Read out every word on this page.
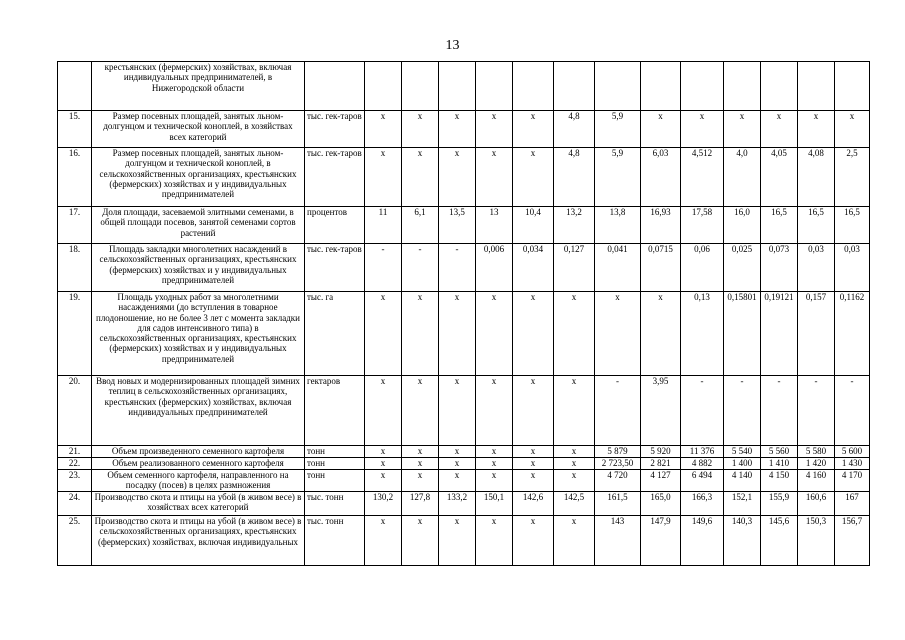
13
	крестьянских (фермерских) хозяйствах, включая индивидуальных предпринимателей, в Нижегородской области														
15.	Размер посевных площадей, занятых льном-долгунцом и технической коноплей, в хозяйствах всех категорий	тыс. гек-таров	х	х	х	х	х	4,8	5,9	х	х	х	х	х	х
16.	Размер посевных площадей, занятых льном-долгунцом и технической коноплей, в сельскохозяйственных организациях, крестьянских (фермерских) хозяйствах и у индивидуальных предпринимателей	тыс. гек-таров	х	х	х	х	х	4,8	5,9	6,03	4,512	4,0	4,05	4,08	2,5
17.	Доля площади, засеваемой элитными семенами, в общей площади посевов, занятой семенами сортов растений	процентов	11	6,1	13,5	13	10,4	13,2	13,8	16,93	17,58	16,0	16,5	16,5	16,5
18.	Площадь закладки многолетних насаждений в сельскохозяйственных организациях, крестьянских (фермерских) хозяйствах и у индивидуальных предпринимателей	тыс. гек-таров	-	-	-	0,006	0,034	0,127	0,041	0,0715	0,06	0,025	0,073	0,03	0,03
19.	Площадь уходных работ за многолетними насаждениями (до вступления в товарное плодоношение, но не более 3 лет с момента закладки для садов интенсивного типа) в сельскохозяйственных организациях, крестьянских (фермерских) хозяйствах и у индивидуальных предпринимателей	тыс. га	х	х	х	х	х	х	х	х	0,13	0,15801	0,19121	0,157	0,1162
20.	Ввод новых и модернизированных площадей зимних теплиц в сельскохозяйственных организациях, крестьянских (фермерских) хозяйствах, включая индивидуальных предпринимателей	гектаров	х	х	х	х	х	х	-	3,95	-	-	-	-	-
21.	Объем произведенного семенного картофеля	тонн	х	х	х	х	х	х	5 879	5 920	11 376	5 540	5 560	5 580	5 600
22.	Объем реализованного семенного картофеля	тонн	х	х	х	х	х	х	2 723,50	2 821	4 882	1 400	1 410	1 420	1 430
23.	Объем семенного картофеля, направленного на посадку (посев) в целях размножения	тонн	х	х	х	х	х	х	4 720	4 127	6 494	4 140	4 150	4 160	4 170
24.	Производство скота и птицы на убой (в живом весе) в хозяйствах всех категорий	тыс. тонн	130,2	127,8	133,2	150,1	142,6	142,5	161,5	165,0	166,3	152,1	155,9	160,6	167
25.	Производство скота и птицы на убой (в живом весе) в сельскохозяйственных организациях, крестьянских (фермерских) хозяйствах, включая индивидуальных	тыс. тонн	х	х	х	х	х	х	143	147,9	149,6	140,3	145,6	150,3	156,7
